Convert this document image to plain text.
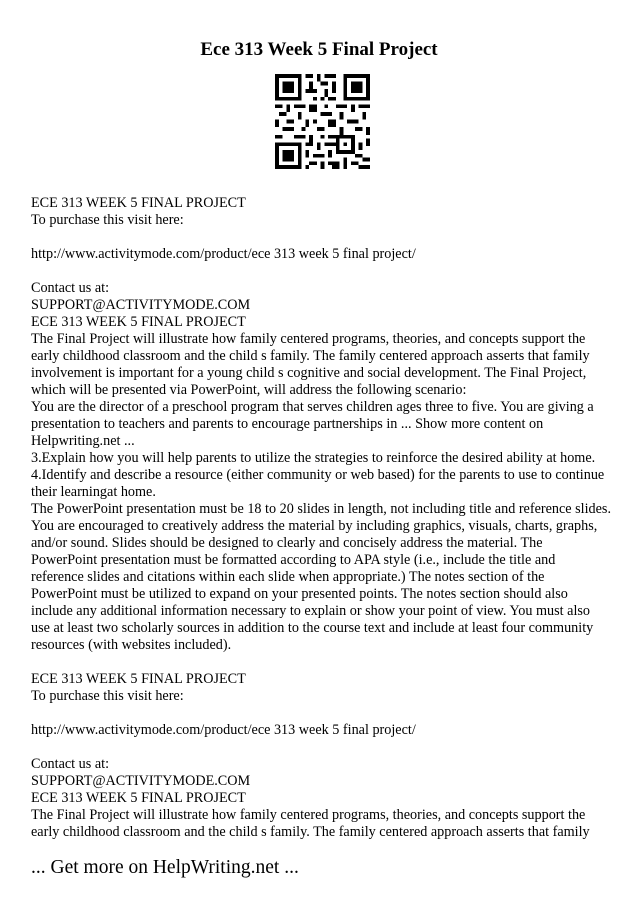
Ece 313 Week 5 Final Project

ECE 313 WEEK 5 FINAL PROJECT

To purchase this visit here:

http://www.activitymode.com/product/ece 313 week 5 final project/

Contact us at:

SUPPORT@ACTIVITYMODE.COM

ECE 313 WEEK 5 FINAL PROJECT

The Final Project will illustrate how family centered programs, theories, and concepts support the early childhood classroom and the child s family. The family centered approach asserts that family involvement is important for a young child s cognitive and social development. The Final Project, which will be presented via PowerPoint, will address the following scenario:

You are the director of a preschool program that serves children ages three to five. You are giving a presentation to teachers and parents to encourage partnerships in ... Show more content on Helpwriting.net ...

3.Explain how you will help parents to utilize the strategies to reinforce the desired ability at home.

4.Identify and describe a resource (either community or web based) for the parents to use to continue their learningat home.

The PowerPoint presentation must be 18 to 20 slides in length, not including title and reference slides. You are encouraged to creatively address the material by including graphics, visuals, charts, graphs, and/or sound. Slides should be designed to clearly and concisely address the material. The PowerPoint presentation must be formatted according to APA style (i.e., include the title and reference slides and citations within each slide when appropriate.) The notes section of the PowerPoint must be utilized to expand on your presented points. The notes section should also include any additional information necessary to explain or show your point of view. You must also use at least two scholarly sources in addition to the course text and include at least four community resources (with websites included).

ECE 313 WEEK 5 FINAL PROJECT

To purchase this visit here:

http://www.activitymode.com/product/ece 313 week 5 final project/

Contact us at:

SUPPORT@ACTIVITYMODE.COM

ECE 313 WEEK 5 FINAL PROJECT

The Final Project will illustrate how family centered programs, theories, and concepts support the early childhood classroom and the child s family. The family centered approach asserts that family

... Get more on HelpWriting.net ...
